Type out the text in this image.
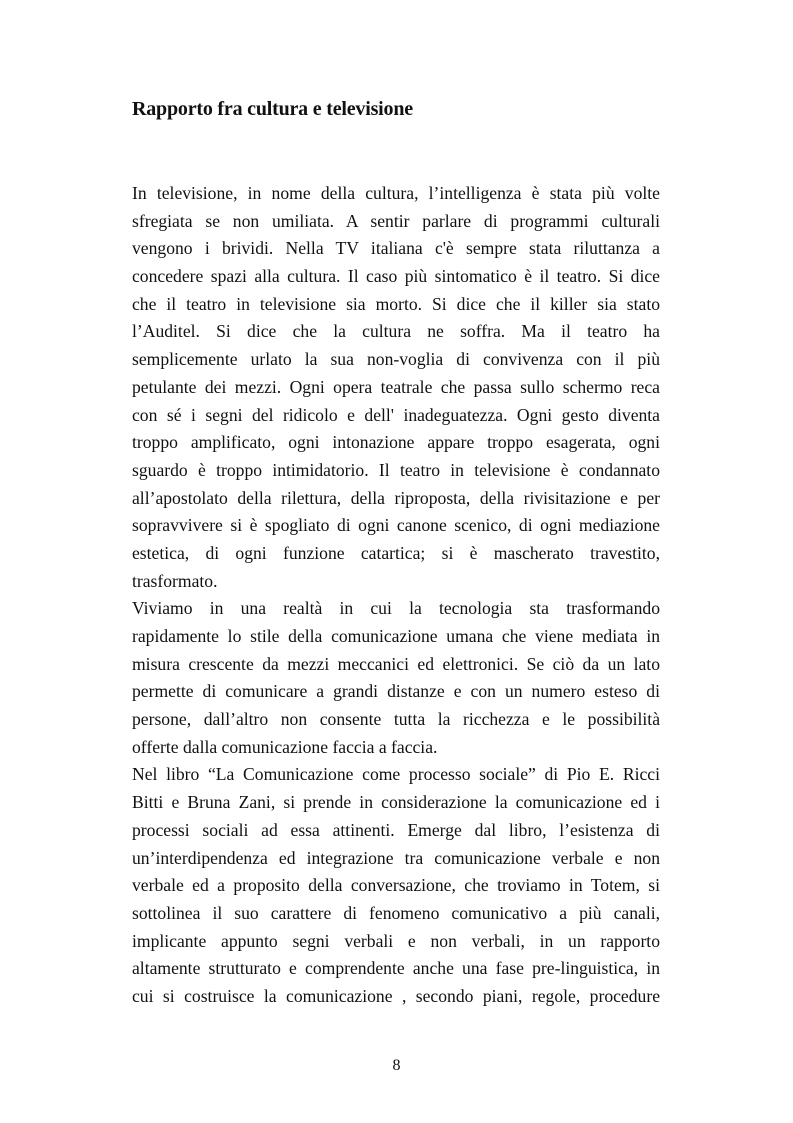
Rapporto fra cultura e televisione
In televisione, in nome della cultura, l’intelligenza è stata più volte
sfregiata se non umiliata. A sentir parlare di programmi culturali
vengono i brividi. Nella TV italiana c'è sempre stata riluttanza a
concedere spazi alla cultura. Il caso più sintomatico è il teatro. Si dice
che il teatro in televisione sia morto. Si dice che il killer sia stato
l’Auditel. Si dice che la cultura ne soffra. Ma il teatro ha
semplicemente urlato la sua non-voglia di convivenza con il più
petulante dei mezzi. Ogni opera teatrale che passa sullo schermo reca
con sé i segni del ridicolo e dell' inadeguatezza. Ogni gesto diventa
troppo amplificato, ogni intonazione appare troppo esagerata, ogni
sguardo è troppo intimidatorio. Il teatro in televisione è condannato
all’apostolato della rilettura, della riproposta, della rivisitazione e per
sopravvivere si è spogliato di ogni canone scenico, di ogni mediazione
estetica, di ogni funzione catartica; si è mascherato travestito,
trasformato.
Viviamo in una realtà in cui la tecnologia sta trasformando
rapidamente lo stile della comunicazione umana che viene mediata in
misura crescente da mezzi meccanici ed elettronici. Se ciò da un lato
permette di comunicare a grandi distanze e con un numero esteso di
persone, dall’altro non consente tutta la ricchezza e le possibilità
offerte dalla comunicazione faccia a faccia.
Nel libro “La Comunicazione come processo sociale” di Pio E. Ricci
Bitti e Bruna Zani, si prende in considerazione la comunicazione ed i
processi sociali ad essa attinenti. Emerge dal libro, l’esistenza di
un’interdipendenza ed integrazione tra comunicazione verbale e non
verbale ed a proposito della conversazione, che troviamo in Totem, si
sottolinea il suo carattere di fenomeno comunicativo a più canali,
implicante appunto segni verbali e non verbali, in un rapporto
altamente strutturato e comprendente anche una fase pre-linguistica, in
cui si costruisce la comunicazione , secondo piani, regole, procedure
8
